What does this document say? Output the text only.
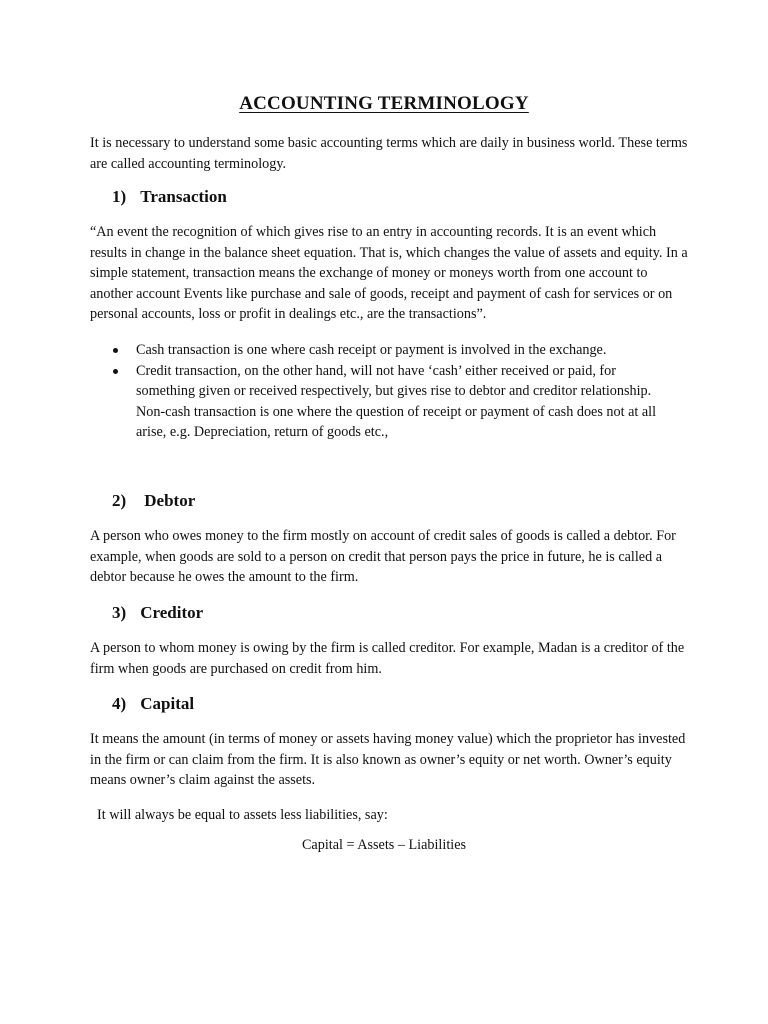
ACCOUNTING TERMINOLOGY

It is necessary to understand some basic accounting terms which are daily in business world. These terms are called accounting terminology.

1) Transaction

“An event the recognition of which gives rise to an entry in accounting records. It is an event which results in change in the balance sheet equation. That is, which changes the value of assets and equity. In a simple statement, transaction means the exchange of money or moneys worth from one account to another account Events like purchase and sale of goods, receipt and payment of cash for services or on personal accounts, loss or profit in dealings etc., are the transactions”.

Cash transaction is one where cash receipt or payment is involved in the exchange.
Credit transaction, on the other hand, will not have ‘cash’ either received or paid, for something given or received respectively, but gives rise to debtor and creditor relationship. Non-cash transaction is one where the question of receipt or payment of cash does not at all arise, e.g. Depreciation, return of goods etc.,
2) Debtor

A person who owes money to the firm mostly on account of credit sales of goods is called a debtor. For example, when goods are sold to a person on credit that person pays the price in future, he is called a debtor because he owes the amount to the firm.

3) Creditor

A person to whom money is owing by the firm is called creditor. For example, Madan is a creditor of the firm when goods are purchased on credit from him.

4) Capital

It means the amount (in terms of money or assets having money value) which the proprietor has invested in the firm or can claim from the firm. It is also known as owner’s equity or net worth. Owner’s equity means owner’s claim against the assets.

It will always be equal to assets less liabilities, say:

Capital = Assets – Liabilities
